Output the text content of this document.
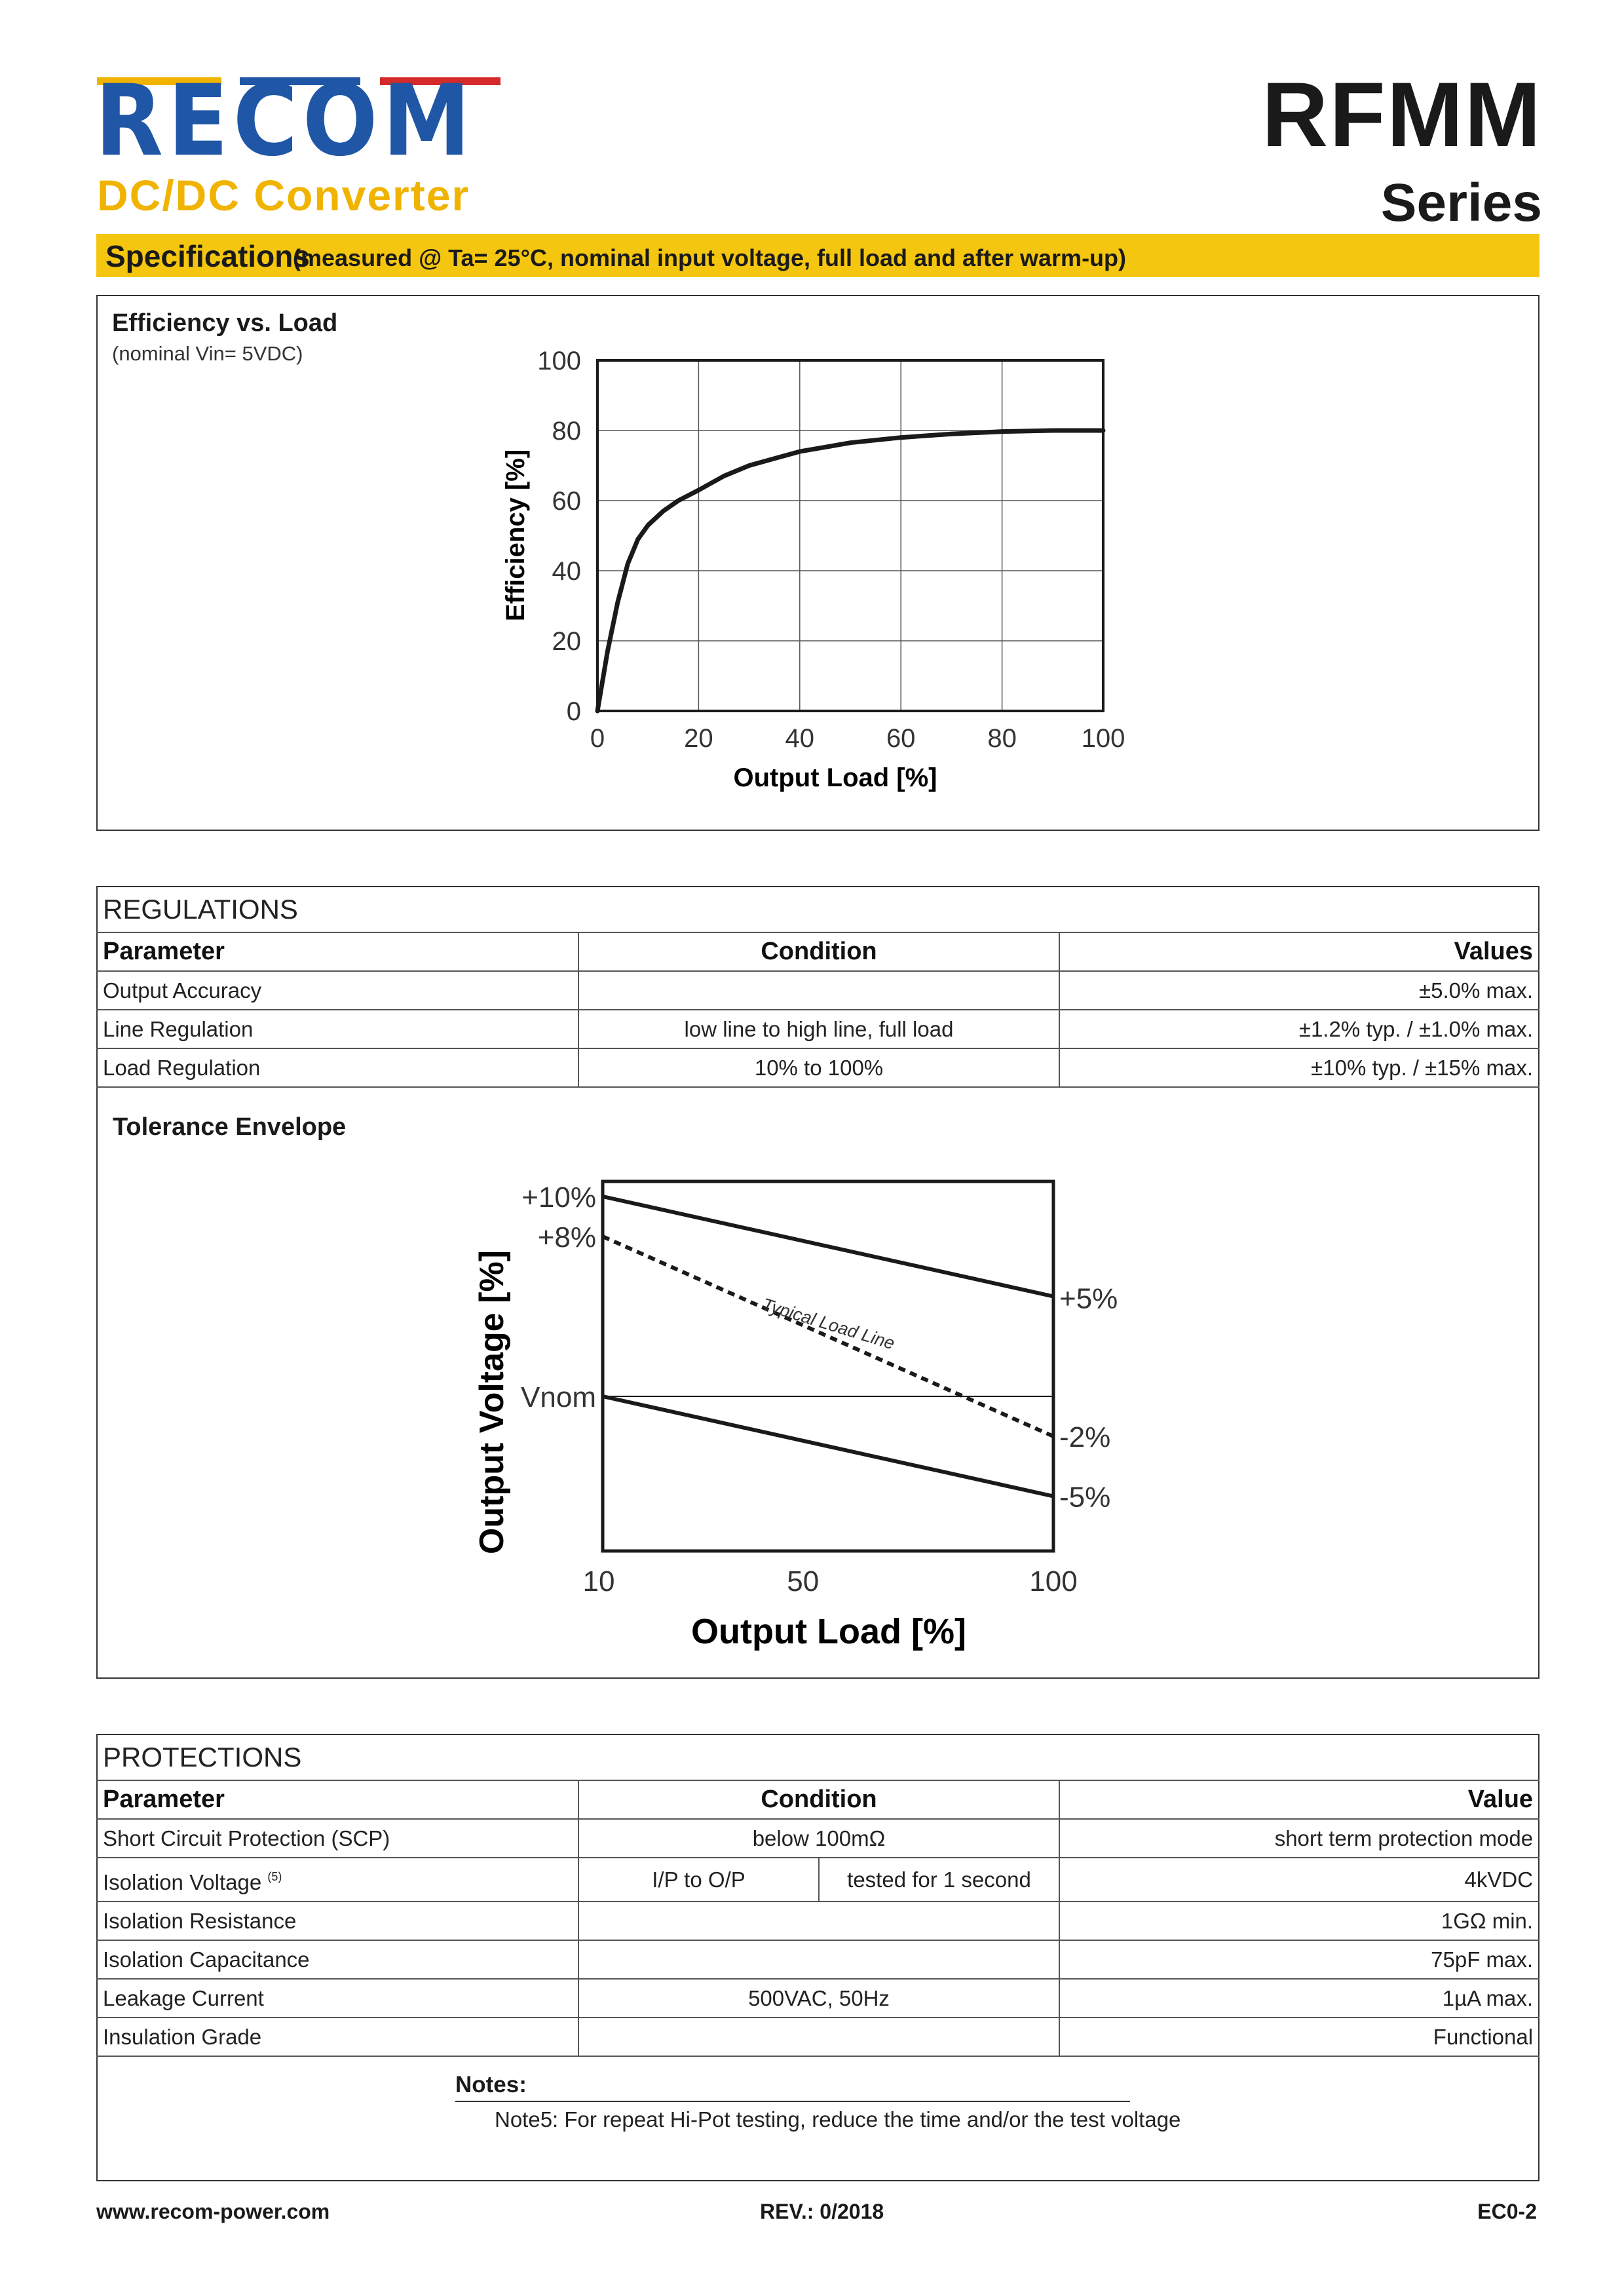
RECOM
DC/DC Converter
RFMM
Series
Specifications
(measured @ Ta= 25°C, nominal input voltage, full load and after warm-up)
Efficiency vs. Load
(nominal Vin= 5VDC)
0	20	40	60	80 100
0
20
40
60
80
100
Output Load [%]
Efficiency [%]
REGULATIONS		
Parameter	Condition	Values
Output Accuracy		±5.0% max.
Line Regulation	low line to high line, full load	±1.2% typ. / ±1.0% max.
Load Regulation	10% to 100%	±10% typ. / ±15% max.
Tolerance Envelope
10	50	100
+10%
+8%
Vnom
+5%
-2%
-5%
Typical Load Line
Output Load [%]
Output Voltage [%]
PROTECTIONS			
Parameter	Condition		Value
Short Circuit Protection (SCP)	below 100mΩ		short term protection mode
Isolation Voltage $^{(5)}$	I/P to O/P	tested for 1 second	4kVDC
Isolation Resistance			1GΩ min.
Isolation Capacitance			75pF max.
Leakage Current	500VAC, 50Hz		1µA max.
Insulation Grade			Functional
Notes:
Note5: For repeat Hi-Pot testing, reduce the time and/or the test voltage
www.recom-power.com	REV.: 0/2018	EC0-2
